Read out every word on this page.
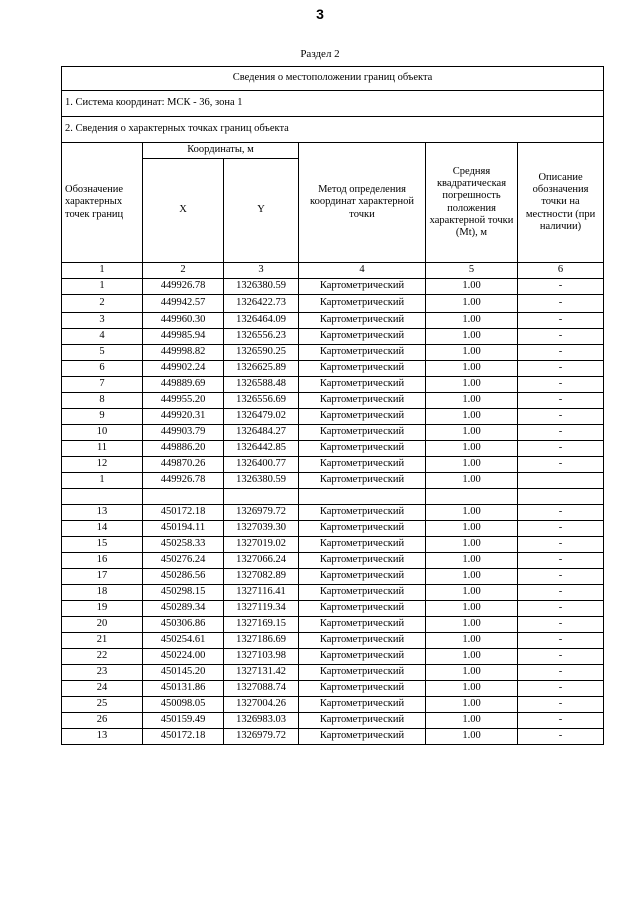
3
Раздел 2
Сведения о местоположении границ объекта					
1. Система координат: МСК - 36, зона 1					
2. Сведения о характерных точках границ объекта					
Обозначение характерных точек границ	Координаты, м		Метод определения координат характерной точки	Средняя квадратическая погрешность положения характерной точки (Mt), м	Описание обозначения точки на местности (при наличии)
	X	Y			
1	2	3	4	5	6
1	449926.78	1326380.59	Картометрический	1.00	-
2	449942.57	1326422.73	Картометрический	1.00	-
3	449960.30	1326464.09	Картометрический	1.00	-
4	449985.94	1326556.23	Картометрический	1.00	-
5	449998.82	1326590.25	Картометрический	1.00	-
6	449902.24	1326625.89	Картометрический	1.00	-
7	449889.69	1326588.48	Картометрический	1.00	-
8	449955.20	1326556.69	Картометрический	1.00	-
9	449920.31	1326479.02	Картометрический	1.00	-
10	449903.79	1326484.27	Картометрический	1.00	-
11	449886.20	1326442.85	Картометрический	1.00	-
12	449870.26	1326400.77	Картометрический	1.00	-
1	449926.78	1326380.59	Картометрический	1.00	

13	450172.18	1326979.72	Картометрический	1.00	-
14	450194.11	1327039.30	Картометрический	1.00	-
15	450258.33	1327019.02	Картометрический	1.00	-
16	450276.24	1327066.24	Картометрический	1.00	-
17	450286.56	1327082.89	Картометрический	1.00	-
18	450298.15	1327116.41	Картометрический	1.00	-
19	450289.34	1327119.34	Картометрический	1.00	-
20	450306.86	1327169.15	Картометрический	1.00	-
21	450254.61	1327186.69	Картометрический	1.00	-
22	450224.00	1327103.98	Картометрический	1.00	-
23	450145.20	1327131.42	Картометрический	1.00	-
24	450131.86	1327088.74	Картометрический	1.00	-
25	450098.05	1327004.26	Картометрический	1.00	-
26	450159.49	1326983.03	Картометрический	1.00	-
13	450172.18	1326979.72	Картометрический	1.00	-
